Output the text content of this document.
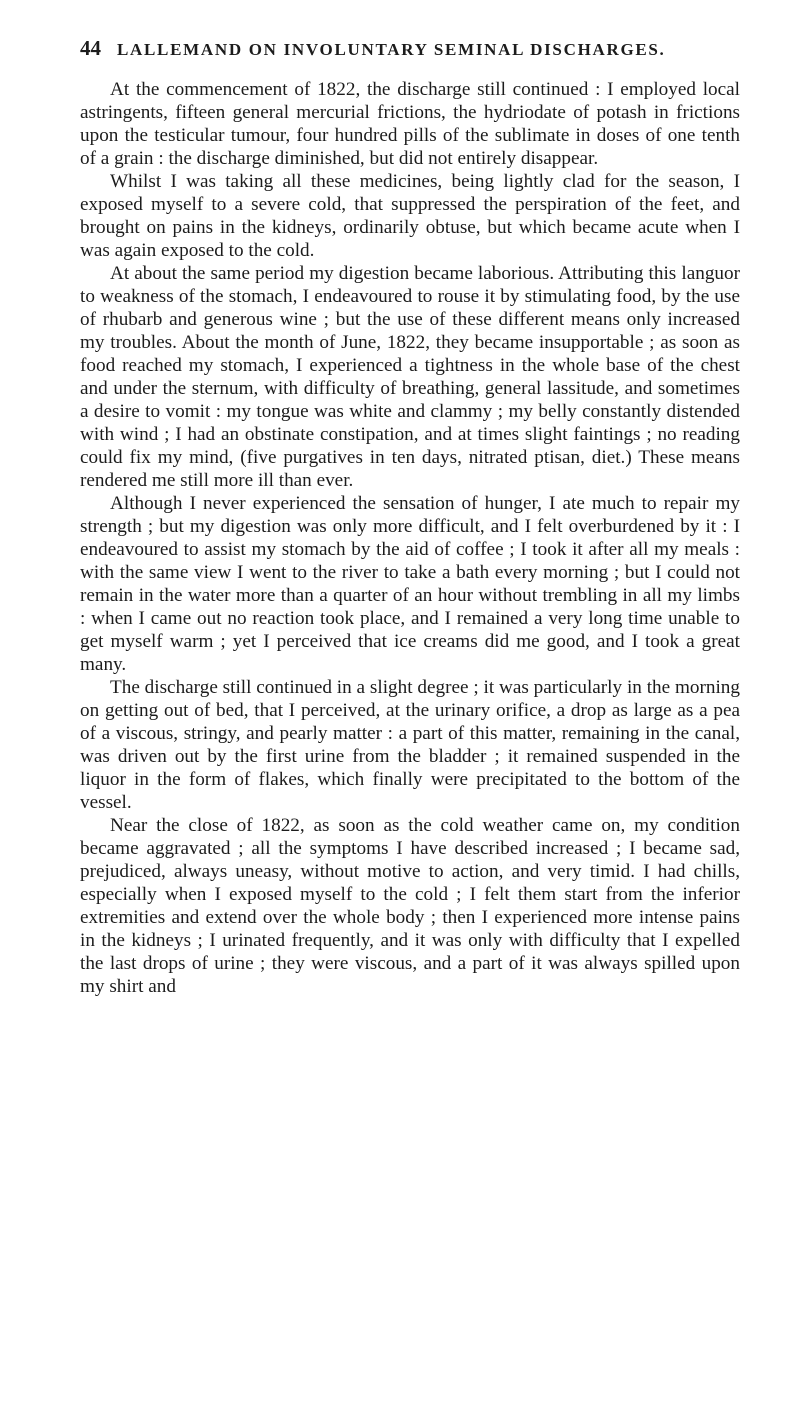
44 LALLEMAND ON INVOLUNTARY SEMINAL DISCHARGES.

At the commencement of 1822, the discharge still continued : I employed local astringents, fifteen general mercurial frictions, the hydriodate of potash in frictions upon the testicular tumour, four hundred pills of the sublimate in doses of one tenth of a grain : the discharge diminished, but did not entirely disappear.

Whilst I was taking all these medicines, being lightly clad for the season, I exposed myself to a severe cold, that suppressed the perspiration of the feet, and brought on pains in the kidneys, ordinarily obtuse, but which became acute when I was again exposed to the cold.

At about the same period my digestion became laborious. Attributing this languor to weakness of the stomach, I endeavoured to rouse it by stimulating food, by the use of rhubarb and generous wine ; but the use of these different means only increased my troubles. About the month of June, 1822, they became insupportable ; as soon as food reached my stomach, I experienced a tightness in the whole base of the chest and under the sternum, with difficulty of breathing, general lassitude, and sometimes a desire to vomit : my tongue was white and clammy ; my belly constantly distended with wind ; I had an obstinate constipation, and at times slight faintings ; no reading could fix my mind, (five purgatives in ten days, nitrated ptisan, diet.) These means rendered me still more ill than ever.

Although I never experienced the sensation of hunger, I ate much to repair my strength ; but my digestion was only more difficult, and I felt overburdened by it : I endeavoured to assist my stomach by the aid of coffee ; I took it after all my meals : with the same view I went to the river to take a bath every morning ; but I could not remain in the water more than a quarter of an hour without trembling in all my limbs : when I came out no reaction took place, and I remained a very long time unable to get myself warm ; yet I perceived that ice creams did me good, and I took a great many.

The discharge still continued in a slight degree ; it was particularly in the morning on getting out of bed, that I perceived, at the urinary orifice, a drop as large as a pea of a viscous, stringy, and pearly matter : a part of this matter, remaining in the canal, was driven out by the first urine from the bladder ; it remained suspended in the liquor in the form of flakes, which finally were precipitated to the bottom of the vessel.

Near the close of 1822, as soon as the cold weather came on, my condition became aggravated ; all the symptoms I have described increased ; I became sad, prejudiced, always uneasy, without motive to action, and very timid. I had chills, especially when I exposed myself to the cold ; I felt them start from the inferior extremities and extend over the whole body ; then I experienced more intense pains in the kidneys ; I urinated frequently, and it was only with difficulty that I expelled the last drops of urine ; they were viscous, and a part of it was always spilled upon my shirt and
